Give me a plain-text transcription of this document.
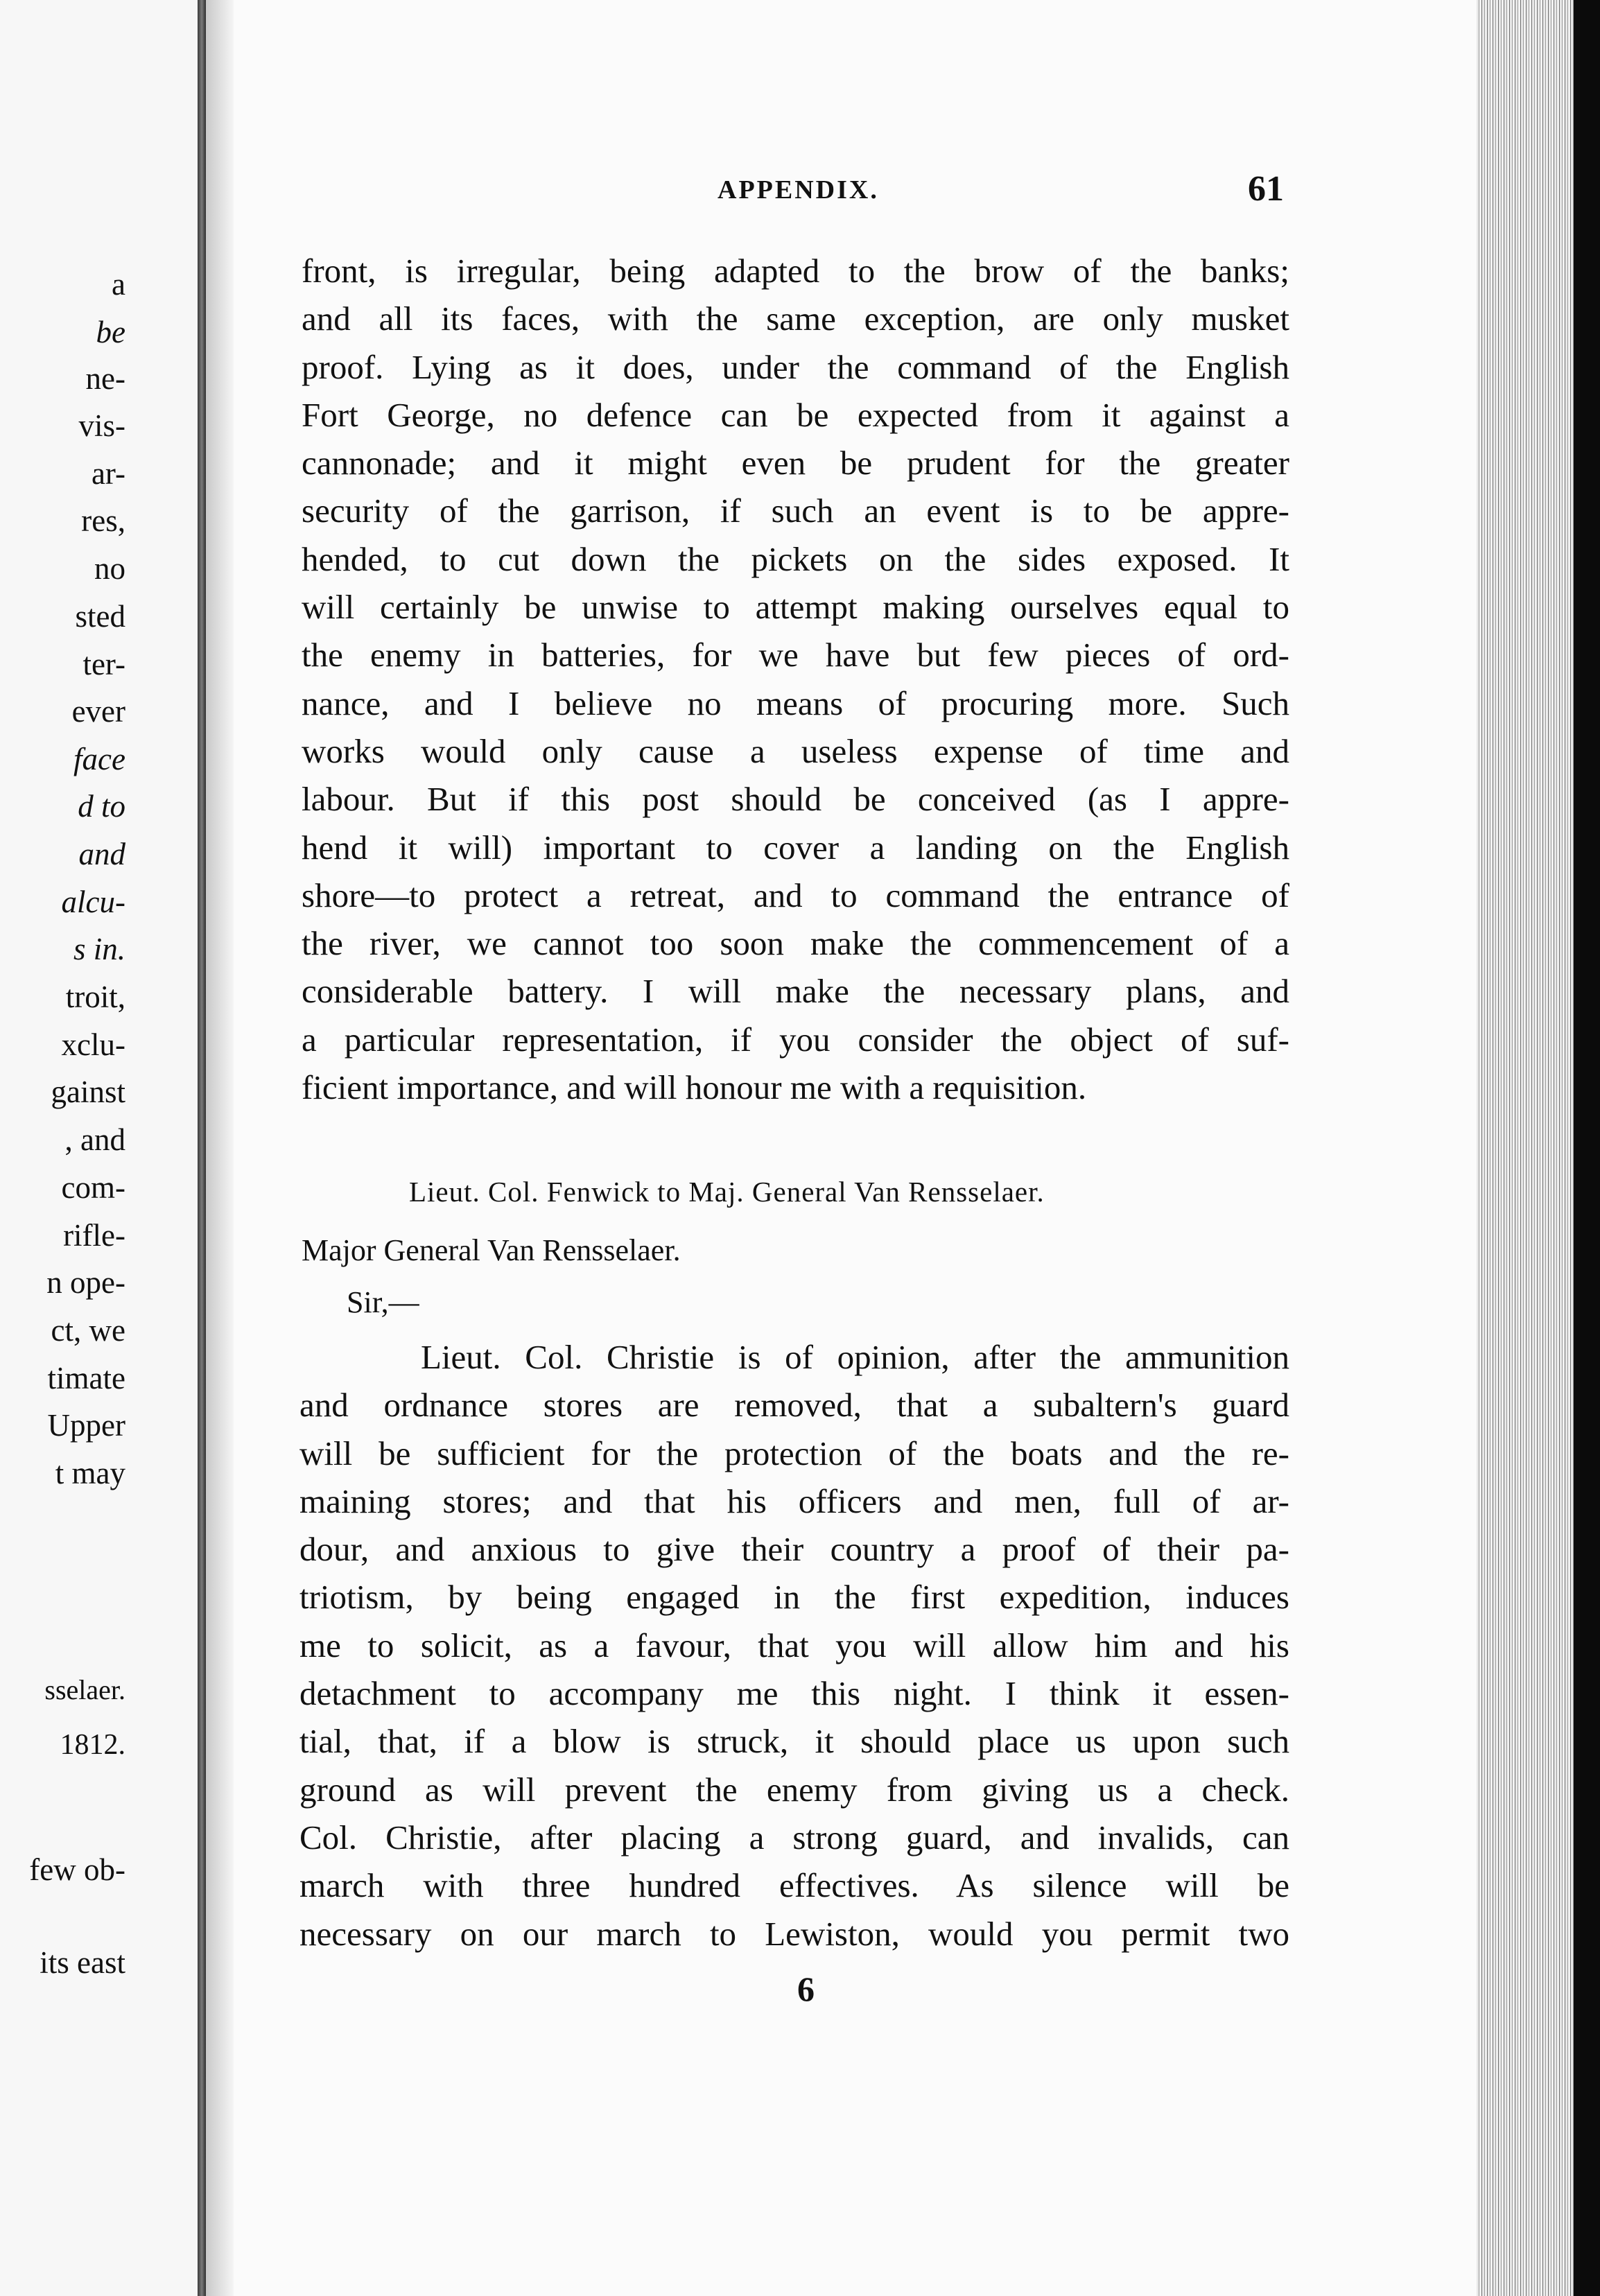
a
be
ne-
vis-
ar-
res,
no
sted
ter-
ever
face
d to
and
alcu-
s in.
troit,
xclu-
gainst
, and
com-
rifle-
n ope-
ct, we
timate
Upper
t may
sselaer.
1812.
few ob-
its east
APPENDIX.	61
front, is irregular, being adapted to the brow of the banks;
and all its faces, with the same exception, are only musket
proof. Lying as it does, under the command of the English
Fort George, no defence can be expected from it against a
cannonade; and it might even be prudent for the greater
security of the garrison, if such an event is to be appre-
hended, to cut down the pickets on the sides exposed. It
will certainly be unwise to attempt making ourselves equal to
the enemy in batteries, for we have but few pieces of ord-
nance, and I believe no means of procuring more. Such
works would only cause a useless expense of time and
labour. But if this post should be conceived (as I appre-
hend it will) important to cover a landing on the English
shore—to protect a retreat, and to command the entrance of
the river, we cannot too soon make the commencement of a
considerable battery. I will make the necessary plans, and
a particular representation, if you consider the object of suf-
ficient importance, and will honour me with a requisition.
Lieut. Col. Fenwick to Maj. General Van Rensselaer.
Major General Van Rensselaer.
Sir,—
Lieut. Col. Christie is of opinion, after the ammunition
and ordnance stores are removed, that a subaltern's guard
will be sufficient for the protection of the boats and the re-
maining stores; and that his officers and men, full of ar-
dour, and anxious to give their country a proof of their pa-
triotism, by being engaged in the first expedition, induces
me to solicit, as a favour, that you will allow him and his
detachment to accompany me this night. I think it essen-
tial, that, if a blow is struck, it should place us upon such
ground as will prevent the enemy from giving us a check.
Col. Christie, after placing a strong guard, and invalids, can
march with three hundred effectives. As silence will be
necessary on our march to Lewiston, would you permit two
6
